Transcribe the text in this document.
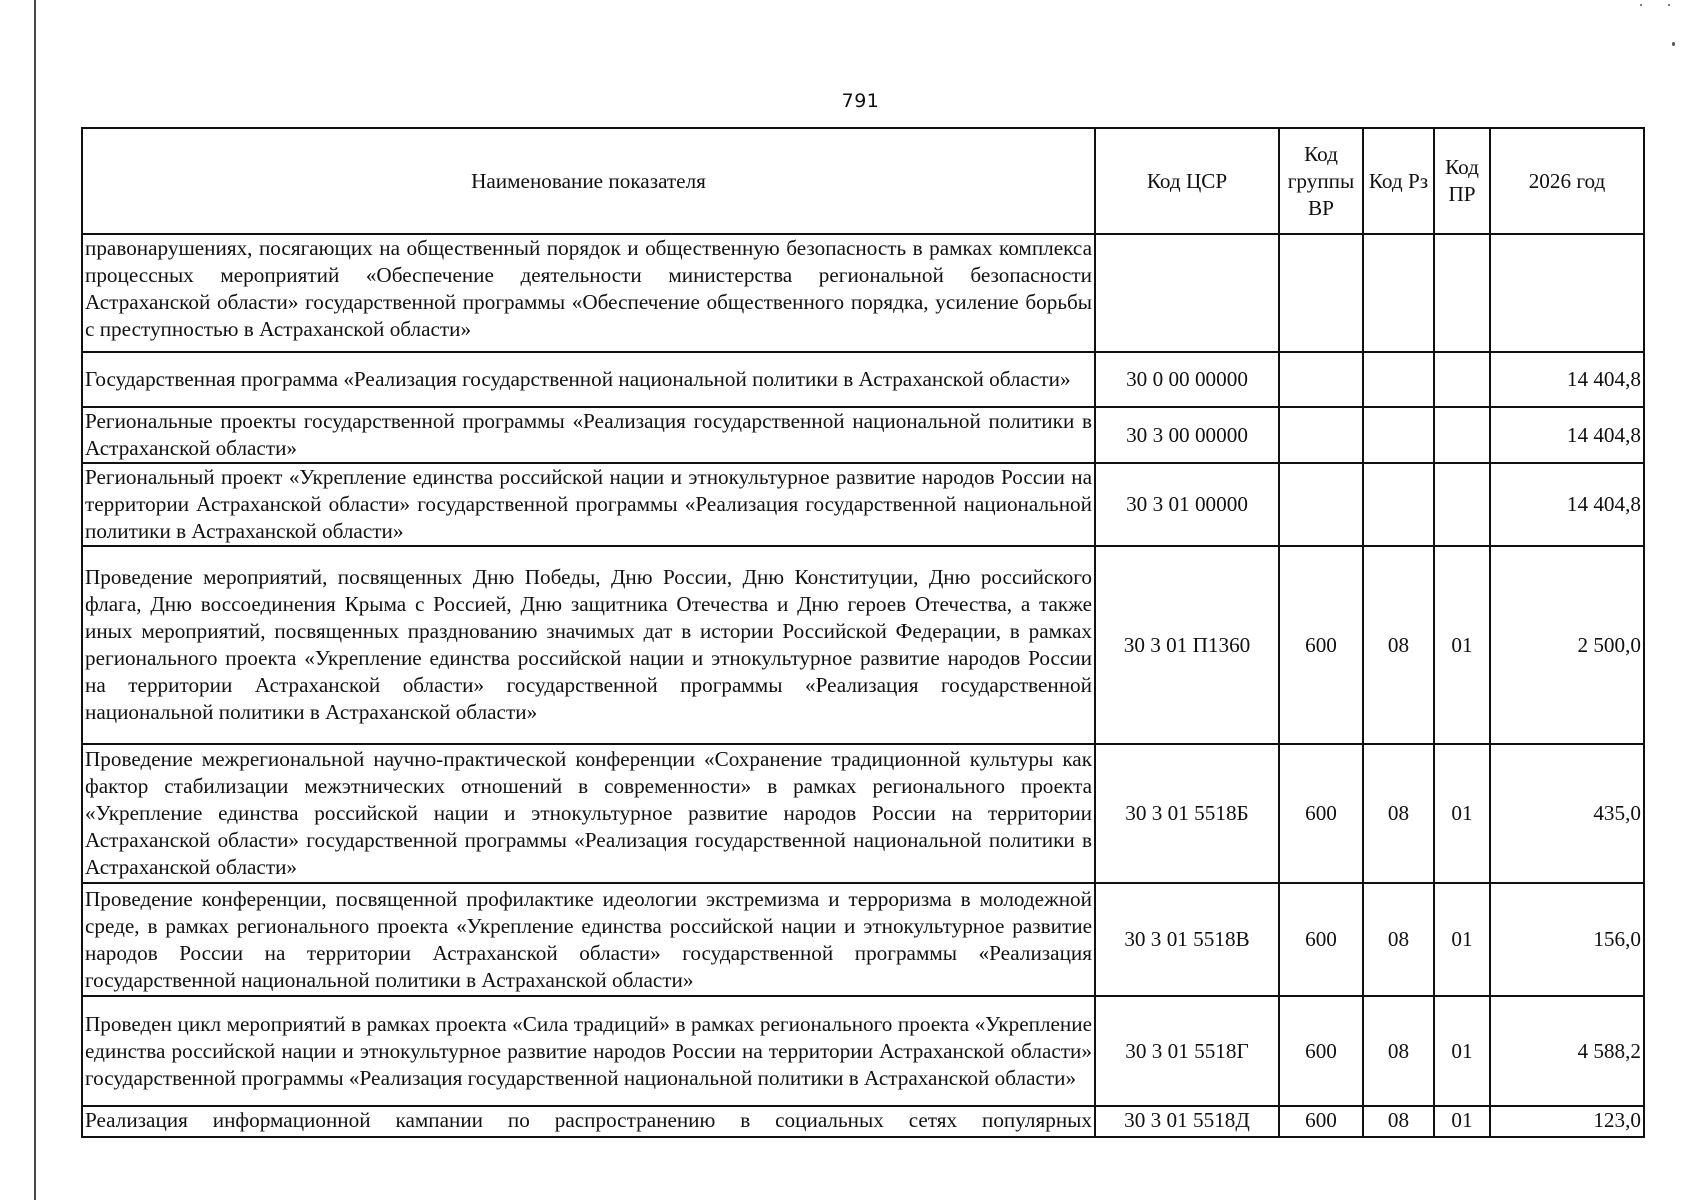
791
Наименование показателя	Код ЦСР	Код группы ВР	Код Рз	Код ПР	2026 год
правонарушениях, посягающих на общественный порядок и общественную безопасность в рамках комплекса процессных мероприятий «Обеспечение деятельности министерства региональной безопасности Астраханской области» государственной программы «Обеспечение общественного порядка, усиление борьбы с преступностью в Астраханской области»					
Государственная программа «Реализация государственной национальной политики в Астраханской области»	30 0 00 00000				14 404,8
Региональные проекты государственной программы «Реализация государственной национальной политики в Астраханской области»	30 3 00 00000				14 404,8
Региональный проект «Укрепление единства российской нации и этнокультурное развитие народов России на территории Астраханской области» государственной программы «Реализация государственной национальной политики в Астраханской области»	30 3 01 00000				14 404,8
Проведение мероприятий, посвященных Дню Победы, Дню России, Дню Конституции, Дню российского флага, Дню воссоединения Крыма с Россией, Дню защитника Отечества и Дню героев Отечества, а также иных мероприятий, посвященных празднованию значимых дат в истории Российской Федерации, в рамках регионального проекта «Укрепление единства российской нации и этнокультурное развитие народов России на территории Астраханской области» государственной программы «Реализация государственной национальной политики в Астраханской области»	30 3 01 П1360	600	08	01	2 500,0
Проведение межрегиональной научно-практической конференции «Сохранение традиционной культуры как фактор стабилизации межэтнических отношений в современности» в рамках регионального проекта «Укрепление единства российской нации и этнокультурное развитие народов России на территории Астраханской области» государственной программы «Реализация государственной национальной политики в Астраханской области»	30 3 01 5518Б	600	08	01	435,0
Проведение конференции, посвященной профилактике идеологии экстремизма и терроризма в молодежной среде, в рамках регионального проекта «Укрепление единства российской нации и этнокультурное развитие народов России на территории Астраханской области» государственной программы «Реализация государственной национальной политики в Астраханской области»	30 3 01 5518В	600	08	01	156,0
Проведен цикл мероприятий в рамках проекта «Сила традиций» в рамках регионального проекта «Укрепление единства российской нации и этнокультурное развитие народов России на территории Астраханской области» государственной программы «Реализация государственной национальной политики в Астраханской области»	30 3 01 5518Г	600	08	01	4 588,2
Реализация информационной кампании по распространению в социальных сетях популярных	30 3 01 5518Д	600	08	01	123,0
